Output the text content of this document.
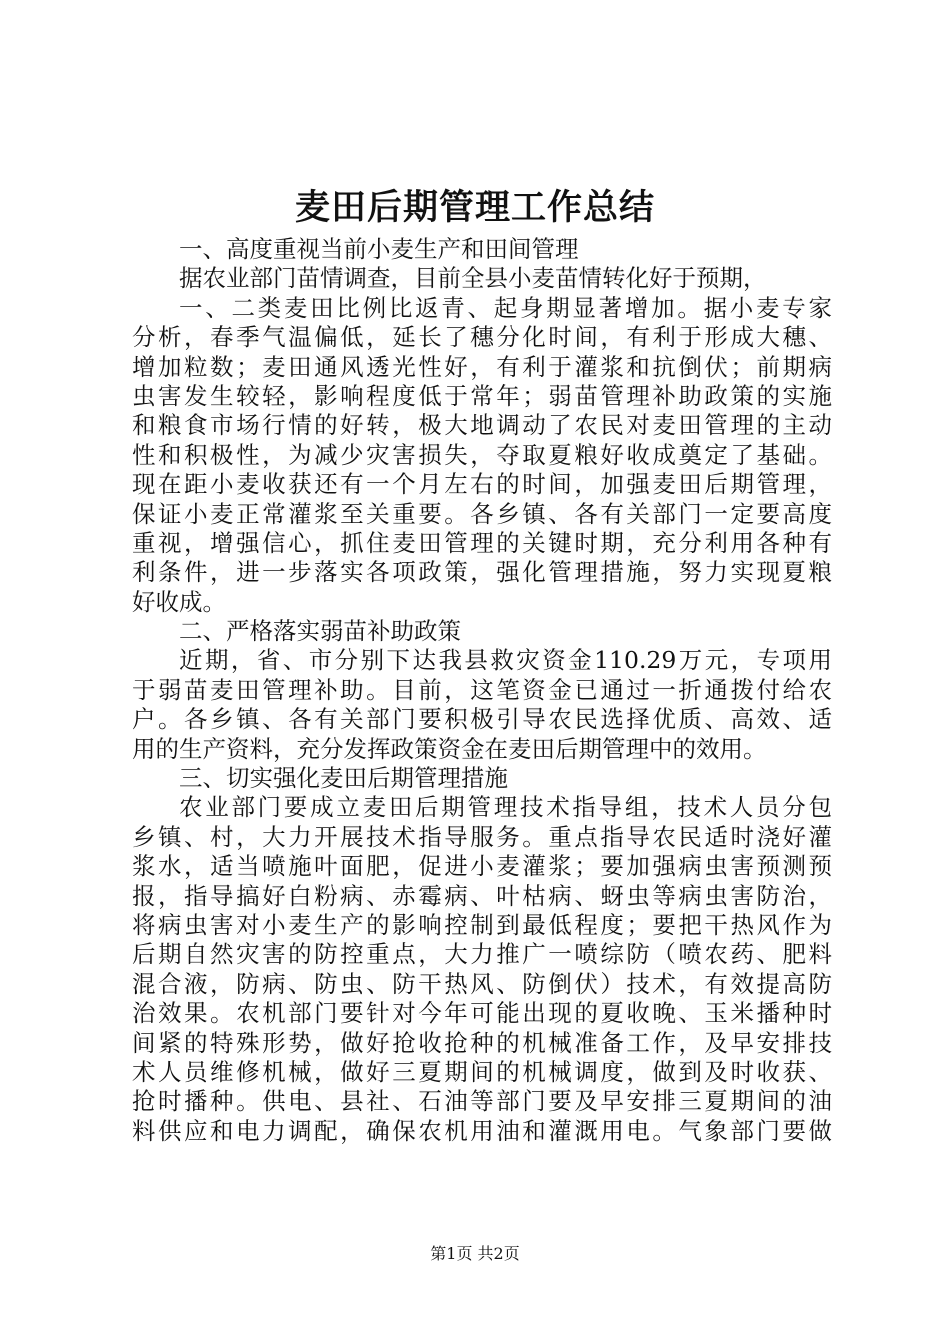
麦田后期管理工作总结
一、高度重视当前小麦生产和田间管理
据农业部门苗情调查，目前全县小麦苗情转化好于预期，
一、二类麦田比例比返青、起身期显著增加。据小麦专家
分析，春季气温偏低，延长了穗分化时间，有利于形成大穗、
增加粒数；麦田通风透光性好，有利于灌浆和抗倒伏；前期病
虫害发生较轻，影响程度低于常年；弱苗管理补助政策的实施
和粮食市场行情的好转，极大地调动了农民对麦田管理的主动
性和积极性，为减少灾害损失，夺取夏粮好收成奠定了基础。
现在距小麦收获还有一个月左右的时间，加强麦田后期管理，
保证小麦正常灌浆至关重要。各乡镇、各有关部门一定要高度
重视，增强信心，抓住麦田管理的关键时期，充分利用各种有
利条件，进一步落实各项政策，强化管理措施，努力实现夏粮
好收成。
二、严格落实弱苗补助政策
近期，省、市分别下达我县救灾资金110.29万元，专项用
于弱苗麦田管理补助。目前，这笔资金已通过一折通拨付给农
户。各乡镇、各有关部门要积极引导农民选择优质、高效、适
用的生产资料，充分发挥政策资金在麦田后期管理中的效用。
三、切实强化麦田后期管理措施
农业部门要成立麦田后期管理技术指导组，技术人员分包
乡镇、村，大力开展技术指导服务。重点指导农民适时浇好灌
浆水，适当喷施叶面肥，促进小麦灌浆；要加强病虫害预测预
报，指导搞好白粉病、赤霉病、叶枯病、蚜虫等病虫害防治，
将病虫害对小麦生产的影响控制到最低程度；要把干热风作为
后期自然灾害的防控重点，大力推广一喷综防（喷农药、肥料
混合液，防病、防虫、防干热风、防倒伏）技术，有效提高防
治效果。农机部门要针对今年可能出现的夏收晚、玉米播种时
间紧的特殊形势，做好抢收抢种的机械准备工作，及早安排技
术人员维修机械，做好三夏期间的机械调度，做到及时收获、
抢时播种。供电、县社、石油等部门要及早安排三夏期间的油
料供应和电力调配，确保农机用油和灌溉用电。气象部门要做
第1页 共2页
